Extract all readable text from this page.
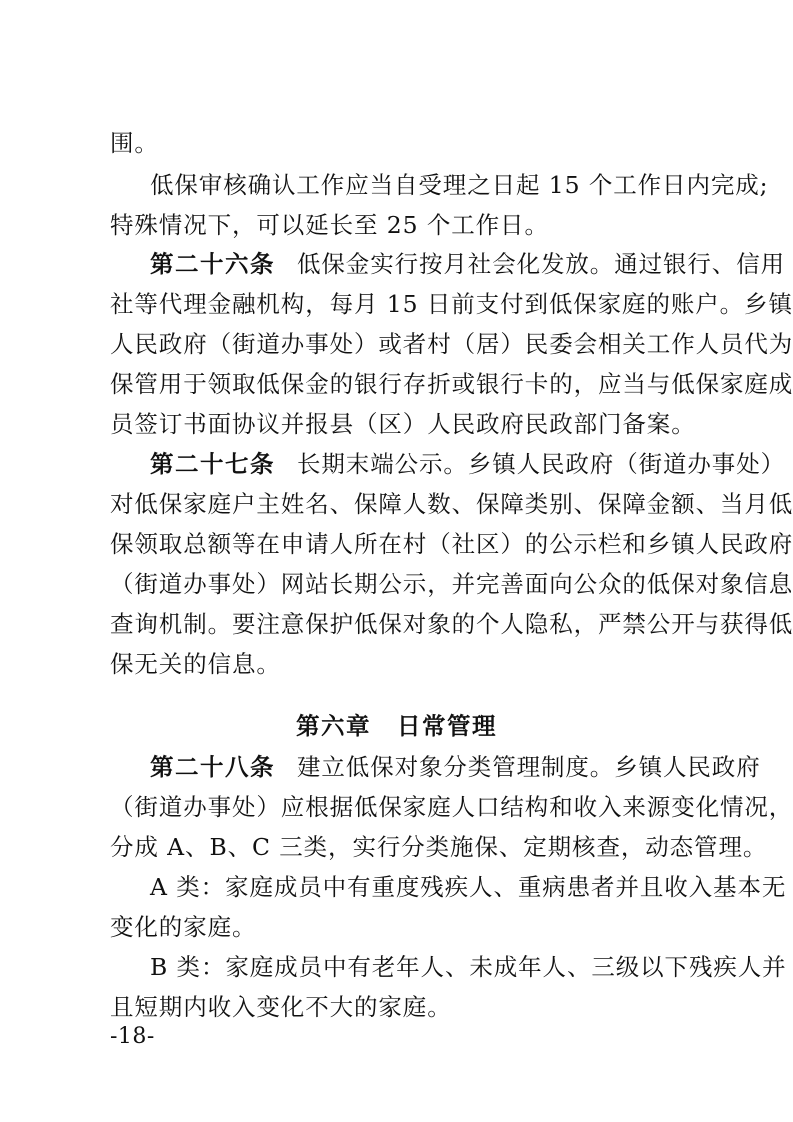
围。
低保审核确认工作应当自受理之日起 15 个工作日内完成;
特殊情况下，可以延长至 25 个工作日。
第二十六条 低保金实行按月社会化发放。通过银行、信用
社等代理金融机构，每月 15 日前支付到低保家庭的账户。乡镇
人民政府（街道办事处）或者村（居）民委会相关工作人员代为
保管用于领取低保金的银行存折或银行卡的，应当与低保家庭成
员签订书面协议并报县（区）人民政府民政部门备案。
第二十七条 长期末端公示。乡镇人民政府（街道办事处）
对低保家庭户主姓名、保障人数、保障类别、保障金额、当月低
保领取总额等在申请人所在村（社区）的公示栏和乡镇人民政府
（街道办事处）网站长期公示，并完善面向公众的低保对象信息
查询机制。要注意保护低保对象的个人隐私，严禁公开与获得低
保无关的信息。
第六章 日常管理
第二十八条 建立低保对象分类管理制度。乡镇人民政府
（街道办事处）应根据低保家庭人口结构和收入来源变化情况，
分成 A、B、C 三类，实行分类施保、定期核查，动态管理。
A 类：家庭成员中有重度残疾人、重病患者并且收入基本无
变化的家庭。
B 类：家庭成员中有老年人、未成年人、三级以下残疾人并
且短期内收入变化不大的家庭。
-18-
